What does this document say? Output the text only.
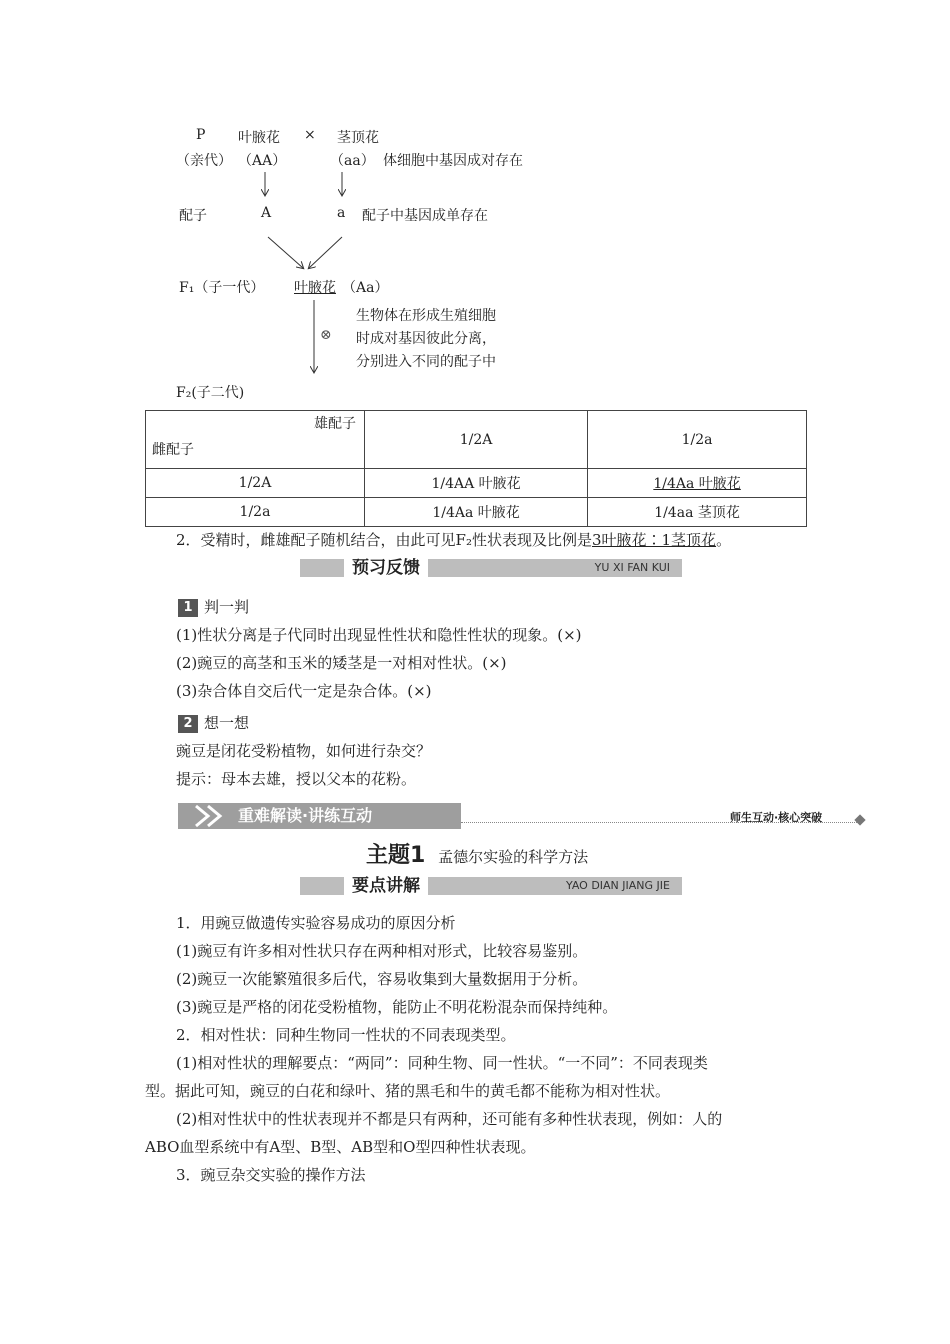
P 叶腋花 × 茎顶花
（亲代） （AA）	（aa） 体细胞中基因成对存在
配子	A	a 配子中基因成单存在
F₁（子一代） 叶腋花 （Aa）
⊗
生物体在形成生殖细胞
时成对基因彼此分离，
分别进入不同的配子中
F₂(子二代)
雄配子
雌配子	1/2A	1/2a
1/2A	1/4AA 叶腋花	1/4Aa 叶腋花
1/2a	1/4Aa 叶腋花	1/4aa 茎顶花
2．受精时，雌雄配子随机结合，由此可见F₂性状表现及比例是3叶腋花∶1茎顶花。
预习反馈	YU XI FAN KUI
1 判一判
(1)性状分离是子代同时出现显性性状和隐性性状的现象。(×)
(2)豌豆的高茎和玉米的矮茎是一对相对性状。(×)
(3)杂合体自交后代一定是杂合体。(×)
2 想一想
豌豆是闭花受粉植物，如何进行杂交？
提示：母本去雄，授以父本的花粉。
重难解读·讲练互动	师生互动·核心突破
主题1 孟德尔实验的科学方法
要点讲解	YAO DIAN JIANG JIE
1．用豌豆做遗传实验容易成功的原因分析
(1)豌豆有许多相对性状只存在两种相对形式，比较容易鉴别。
(2)豌豆一次能繁殖很多后代，容易收集到大量数据用于分析。
(3)豌豆是严格的闭花受粉植物，能防止不明花粉混杂而保持纯种。
2．相对性状：同种生物同一性状的不同表现类型。
(1)相对性状的理解要点：“两同”：同种生物、同一性状。“一不同”：不同表现类
型。据此可知，豌豆的白花和绿叶、猪的黑毛和牛的黄毛都不能称为相对性状。
(2)相对性状中的性状表现并不都是只有两种，还可能有多种性状表现，例如：人的
ABO血型系统中有A型、B型、AB型和O型四种性状表现。
3．豌豆杂交实验的操作方法
